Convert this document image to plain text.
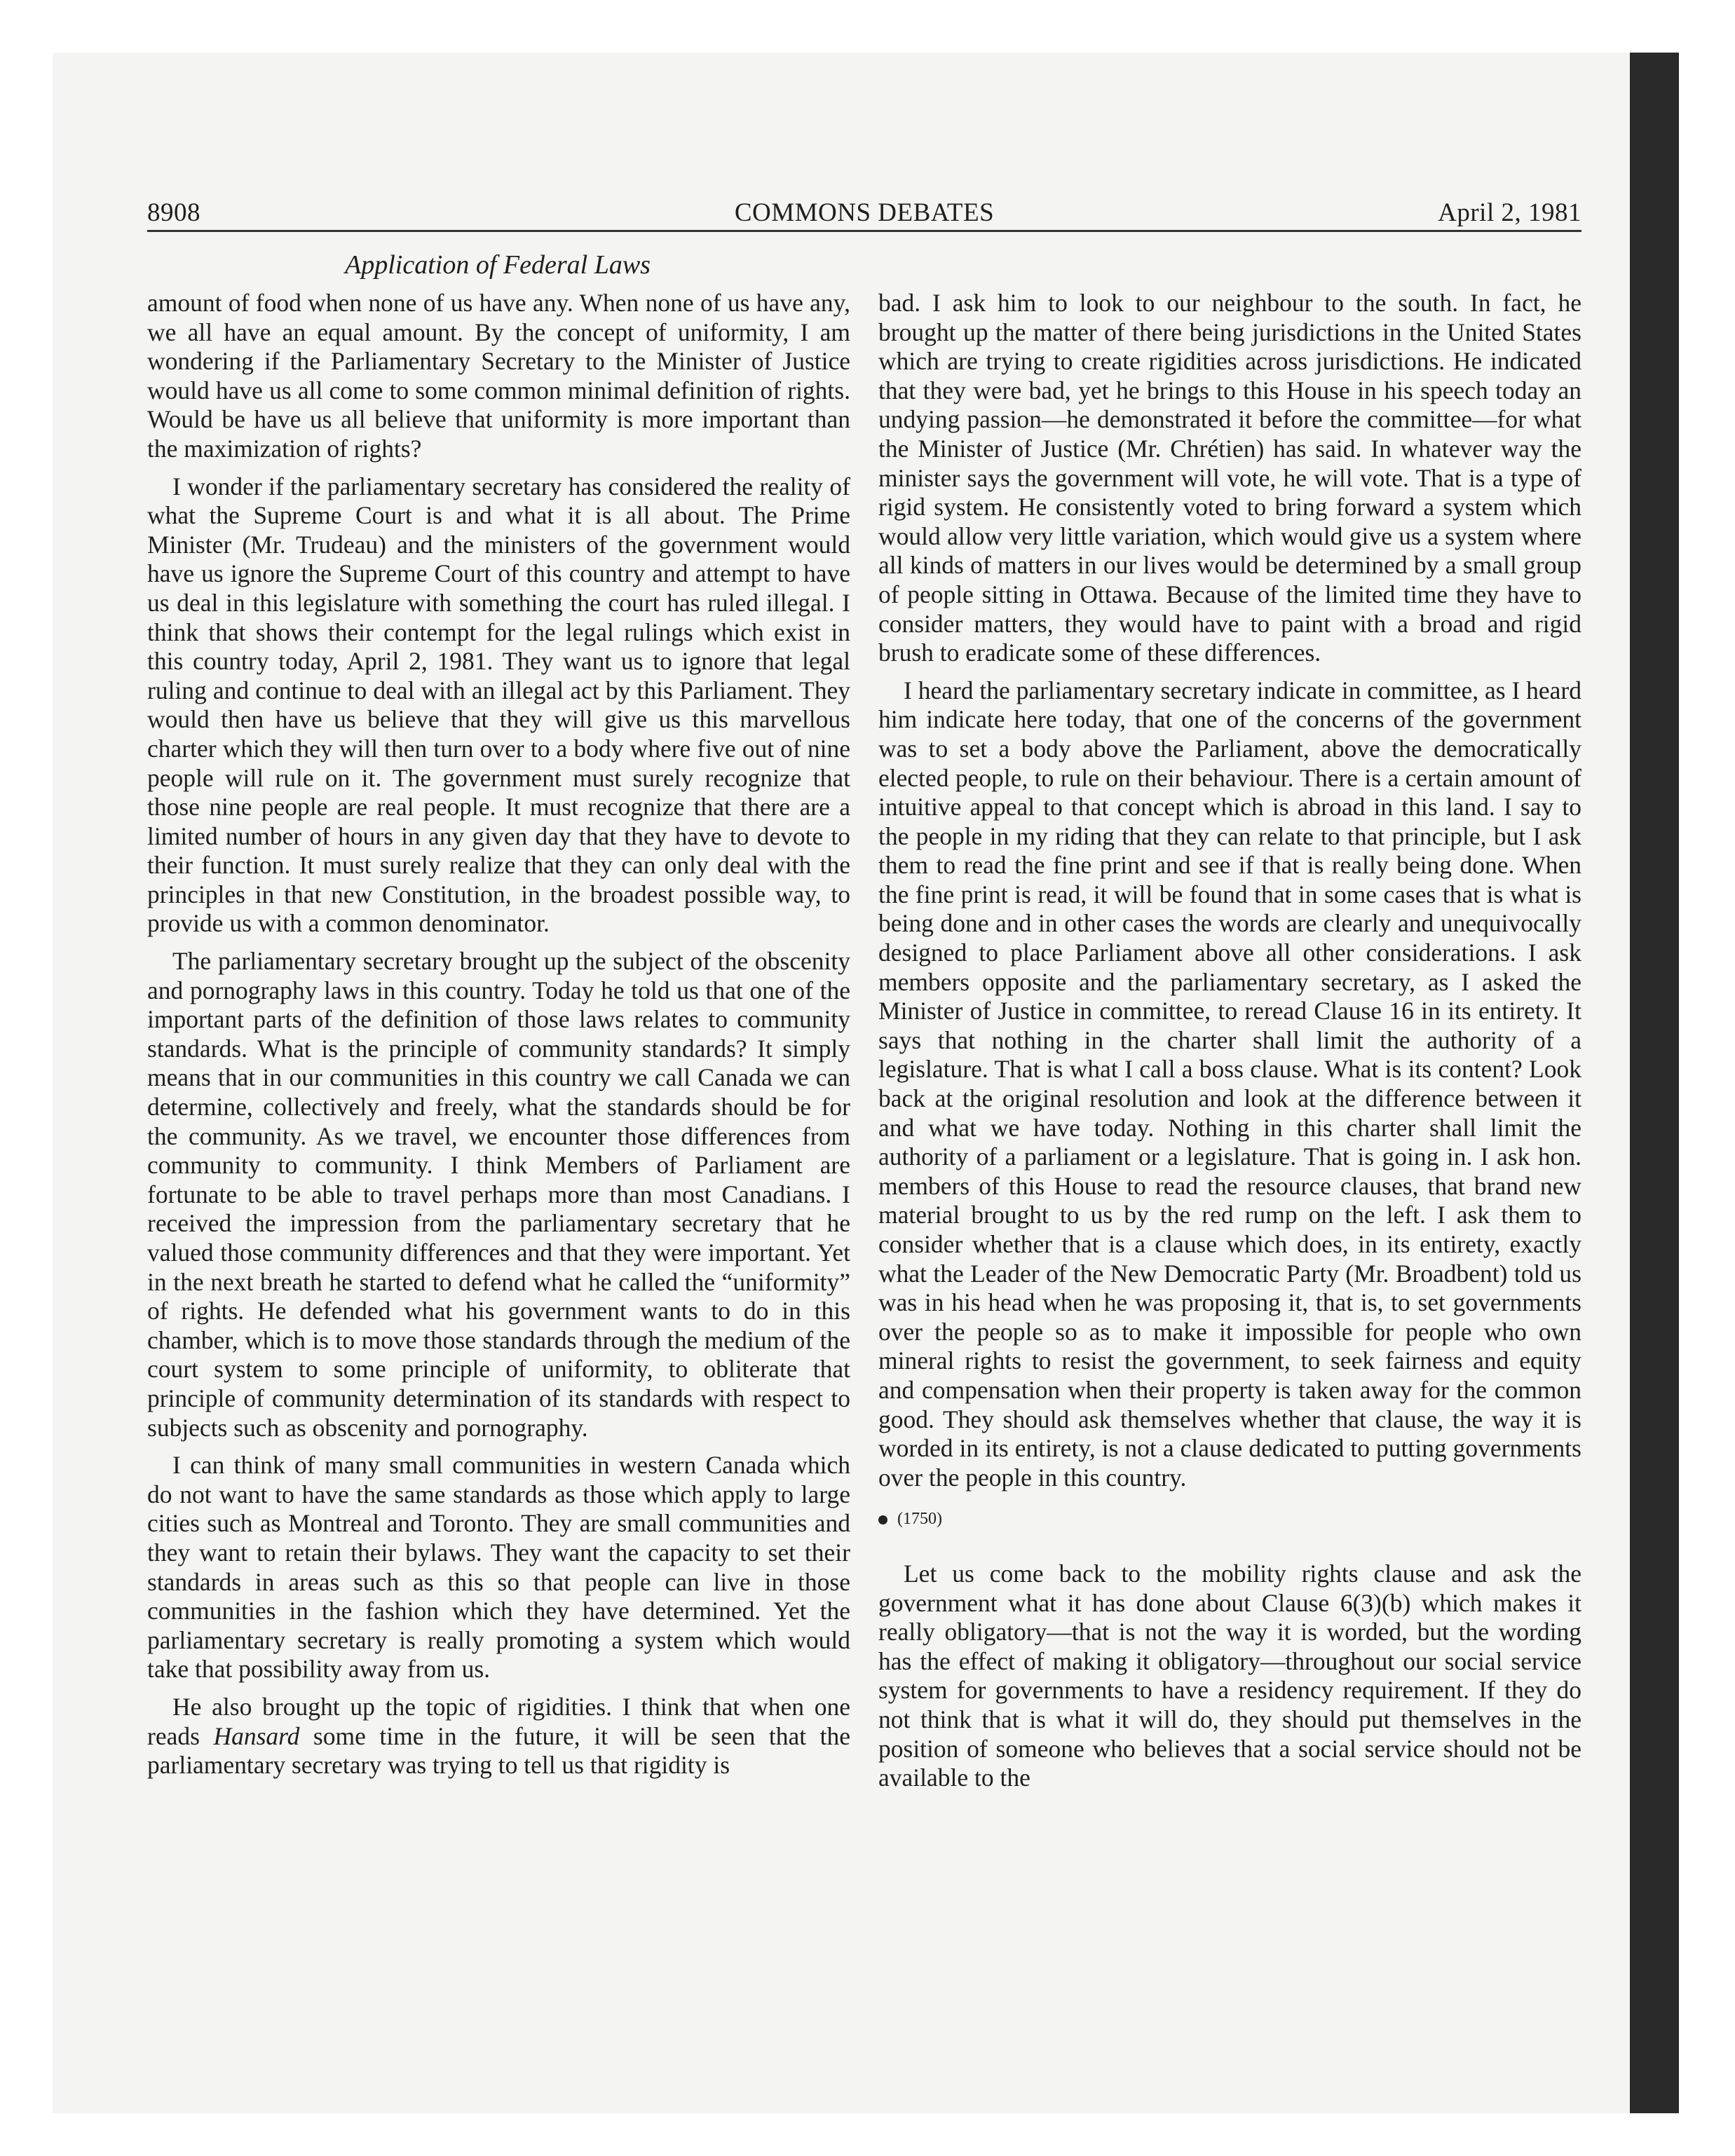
8908	COMMONS DEBATES	April 2, 1981
Application of Federal Laws

amount of food when none of us have any. When none of us have any, we all have an equal amount. By the concept of uniformity, I am wondering if the Parliamentary Secretary to the Minister of Justice would have us all come to some common minimal definition of rights. Would be have us all believe that uniformity is more important than the maximization of rights?

I wonder if the parliamentary secretary has considered the reality of what the Supreme Court is and what it is all about. The Prime Minister (Mr. Trudeau) and the ministers of the government would have us ignore the Supreme Court of this country and attempt to have us deal in this legislature with something the court has ruled illegal. I think that shows their contempt for the legal rulings which exist in this country today, April 2, 1981. They want us to ignore that legal ruling and continue to deal with an illegal act by this Parliament. They would then have us believe that they will give us this marvellous charter which they will then turn over to a body where five out of nine people will rule on it. The government must surely recognize that those nine people are real people. It must recognize that there are a limited number of hours in any given day that they have to devote to their function. It must surely realize that they can only deal with the principles in that new Constitution, in the broadest possible way, to provide us with a common denominator.

The parliamentary secretary brought up the subject of the obscenity and pornography laws in this country. Today he told us that one of the important parts of the definition of those laws relates to community standards. What is the principle of community standards? It simply means that in our communities in this country we call Canada we can determine, collectively and freely, what the standards should be for the community. As we travel, we encounter those differences from community to community. I think Members of Parliament are fortunate to be able to travel perhaps more than most Canadians. I received the impression from the parliamentary secretary that he valued those community differences and that they were important. Yet in the next breath he started to defend what he called the “uniformity” of rights. He defended what his government wants to do in this chamber, which is to move those standards through the medium of the court system to some principle of uniformity, to obliterate that principle of community determination of its standards with respect to subjects such as obscenity and pornography.

I can think of many small communities in western Canada which do not want to have the same standards as those which apply to large cities such as Montreal and Toronto. They are small communities and they want to retain their bylaws. They want the capacity to set their standards in areas such as this so that people can live in those communities in the fashion which they have determined. Yet the parliamentary secretary is really promoting a system which would take that possibility away from us.

He also brought up the topic of rigidities. I think that when one reads Hansard some time in the future, it will be seen that the parliamentary secretary was trying to tell us that rigidity is

bad. I ask him to look to our neighbour to the south. In fact, he brought up the matter of there being jurisdictions in the United States which are trying to create rigidities across jurisdictions. He indicated that they were bad, yet he brings to this House in his speech today an undying passion—he demonstrated it before the committee—for what the Minister of Justice (Mr. Chrétien) has said. In whatever way the minister says the government will vote, he will vote. That is a type of rigid system. He consistently voted to bring forward a system which would allow very little variation, which would give us a system where all kinds of matters in our lives would be determined by a small group of people sitting in Ottawa. Because of the limited time they have to consider matters, they would have to paint with a broad and rigid brush to eradicate some of these differences.

I heard the parliamentary secretary indicate in committee, as I heard him indicate here today, that one of the concerns of the government was to set a body above the Parliament, above the democratically elected people, to rule on their behaviour. There is a certain amount of intuitive appeal to that concept which is abroad in this land. I say to the people in my riding that they can relate to that principle, but I ask them to read the fine print and see if that is really being done. When the fine print is read, it will be found that in some cases that is what is being done and in other cases the words are clearly and unequivocally designed to place Parliament above all other considerations. I ask members opposite and the parliamentary secretary, as I asked the Minister of Justice in committee, to reread Clause 16 in its entirety. It says that nothing in the charter shall limit the authority of a legislature. That is what I call a boss clause. What is its content? Look back at the original resolution and look at the difference between it and what we have today. Nothing in this charter shall limit the authority of a parliament or a legislature. That is going in. I ask hon. members of this House to read the resource clauses, that brand new material brought to us by the red rump on the left. I ask them to consider whether that is a clause which does, in its entirety, exactly what the Leader of the New Democratic Party (Mr. Broadbent) told us was in his head when he was proposing it, that is, to set governments over the people so as to make it impossible for people who own mineral rights to resist the government, to seek fairness and equity and compensation when their property is taken away for the common good. They should ask themselves whether that clause, the way it is worded in its entirety, is not a clause dedicated to putting governments over the people in this country.

(1750)

Let us come back to the mobility rights clause and ask the government what it has done about Clause 6(3)(b) which makes it really obligatory—that is not the way it is worded, but the wording has the effect of making it obligatory—throughout our social service system for governments to have a residency requirement. If they do not think that is what it will do, they should put themselves in the position of someone who believes that a social service should not be available to the
